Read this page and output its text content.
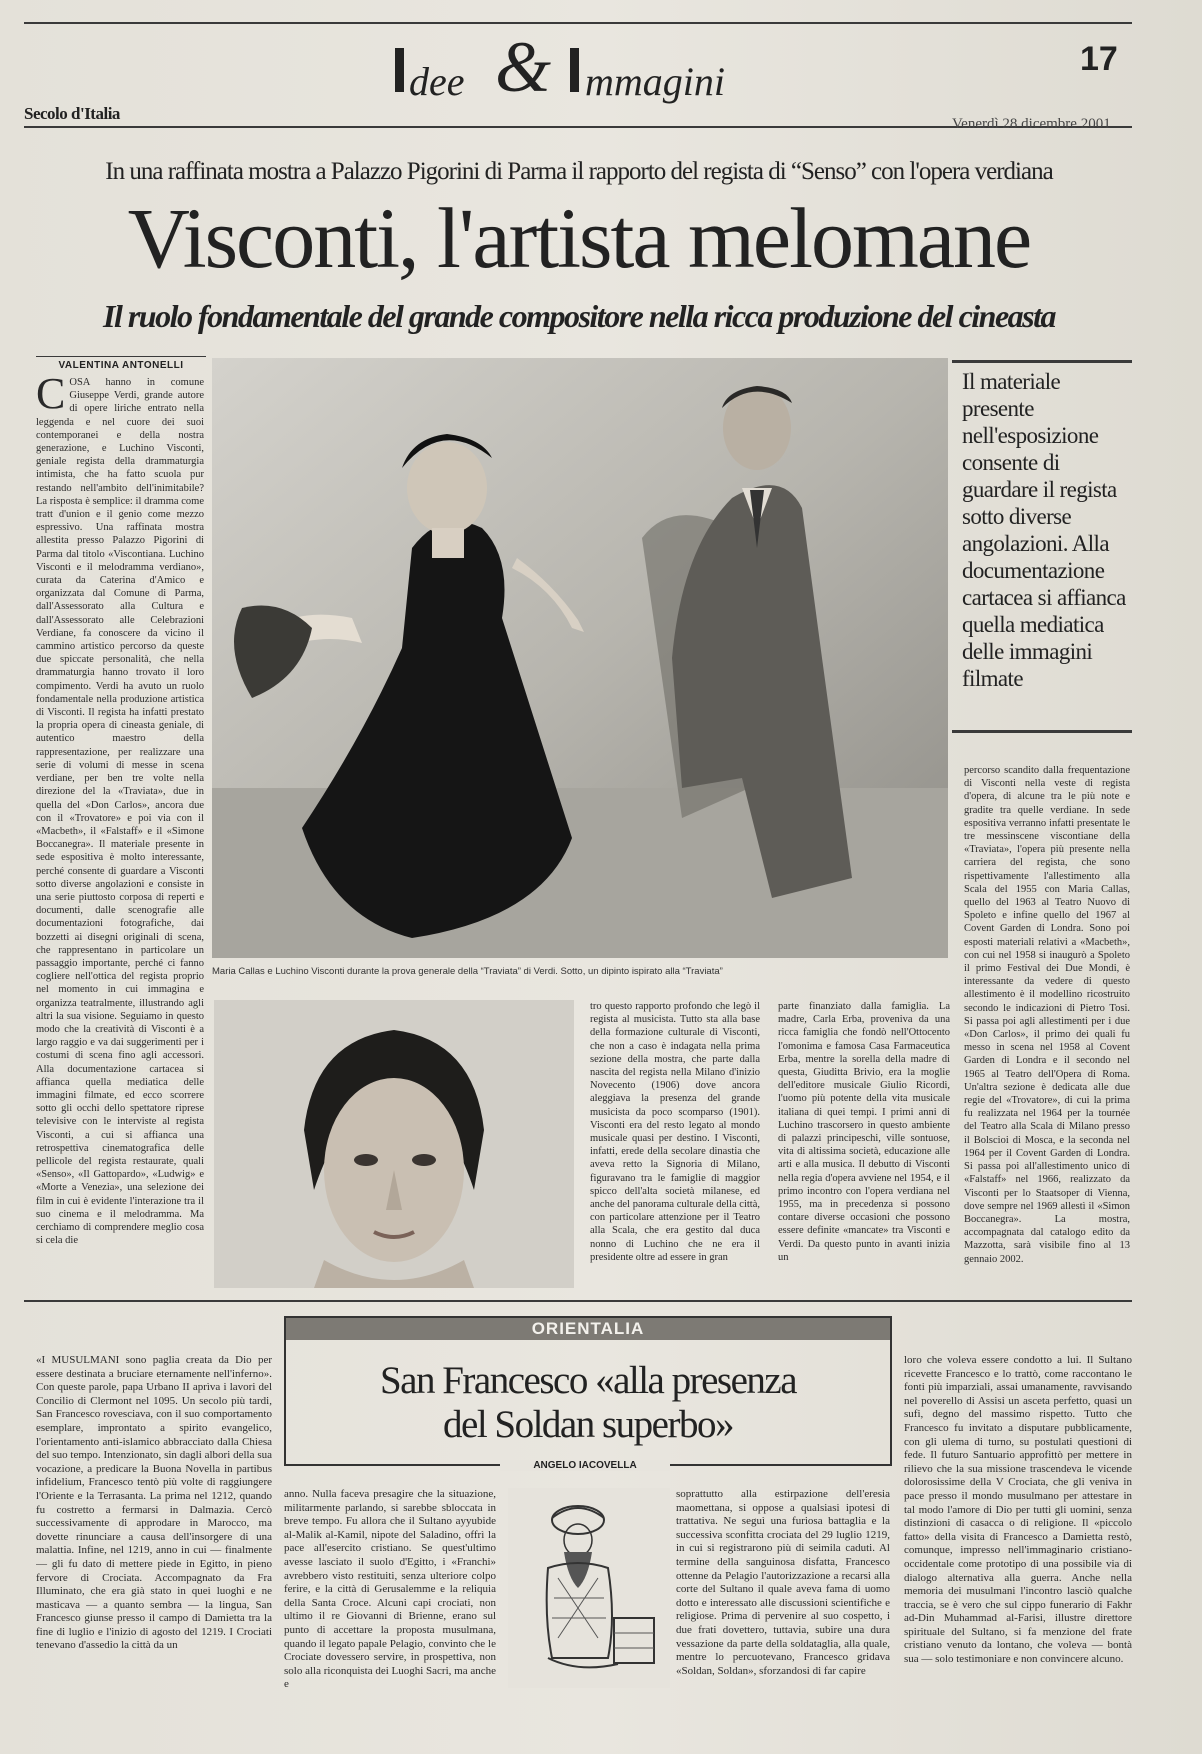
dee & mmagini	17
Secolo d'Italia
Venerdì 28 dicembre 2001
In una raffinata mostra a Palazzo Pigorini di Parma il rapporto del regista di “Senso” con l'opera verdiana
Visconti, l'artista melomane
Il ruolo fondamentale del grande compositore nella ricca produzione del cineasta
VALENTINA ANTONELLI
C OSA hanno in comune Giuseppe Verdi, grande autore di opere liriche entrato nella leggenda e nel cuore dei suoi contemporanei e della nostra generazione, e Luchino Visconti, geniale regista della drammaturgia intimista, che ha fatto scuola pur restando nell'ambito dell'inimitabile? La risposta è semplice: il dramma come tratt d'union e il genio come mezzo espressivo. Una raffinata mostra allestita presso Palazzo Pigorini di Parma dal titolo «Viscontiana. Luchino Visconti e il melodramma verdiano», curata da Caterina d'Amico e organizzata dal Comune di Parma, dall'Assessorato alla Cultura e dall'Assessorato alle Celebrazioni Verdiane, fa conoscere da vicino il cammino artistico percorso da queste due spiccate personalità, che nella drammaturgia hanno trovato il loro compimento. Verdi ha avuto un ruolo fondamentale nella produzione artistica di Visconti. Il regista ha infatti prestato la propria opera di cineasta geniale, di autentico maestro della rappresentazione, per realizzare una serie di volumi di messe in scena verdiane, per ben tre volte nella direzione del la «Traviata», due in quella del «Don Carlos», ancora due con il «Trovatore» e poi via con il «Macbeth», il «Falstaff» e il «Simone Boccanegra». Il materiale presente in sede espositiva è molto interessante, perché consente di guardare a Visconti sotto diverse angolazioni e consiste in una serie piuttosto corposa di reperti e documenti, dalle scenografie alle documentazioni fotografiche, dai bozzetti ai disegni originali di scena, che rappresentano in particolare un passaggio importante, perché ci fanno cogliere nell'ottica del regista proprio nel momento in cui immagina e organizza teatralmente, illustrando agli altri la sua visione. Seguiamo in questo modo che la creatività di Visconti è a largo raggio e va dai suggerimenti per i costumi di scena fino agli accessori. Alla documentazione cartacea si affianca quella mediatica delle immagini filmate, ed ecco scorrere sotto gli occhi dello spettatore riprese televisive con le interviste al regista Visconti, a cui si affianca una retrospettiva cinematografica delle pellicole del regista restaurate, quali «Senso», «Il Gattopardo», «Ludwig» e «Morte a Venezia», una selezione dei film in cui è evidente l'interazione tra il suo cinema e il melodramma. Ma cerchiamo di comprendere meglio cosa si cela die
Maria Callas e Luchino Visconti durante la prova generale della “Traviata” di Verdi. Sotto, un dipinto ispirato alla “Traviata”
Il materiale presente nell'esposizione consente di guardare il regista sotto diverse angolazioni. Alla documentazione cartacea si affianca quella mediatica delle immagini filmate
percorso scandito dalla frequentazione di Visconti nella veste di regista d'opera, di alcune tra le più note e gradite tra quelle verdiane. In sede espositiva verranno infatti presentate le tre messinscene viscontiane della «Traviata», l'opera più presente nella carriera del regista, che sono rispettivamente l'allestimento alla Scala del 1955 con Maria Callas, quello del 1963 al Teatro Nuovo di Spoleto e infine quello del 1967 al Covent Garden di Londra. Sono poi esposti materiali relativi a «Macbeth», con cui nel 1958 si inaugurò a Spoleto il primo Festival dei Due Mondi, è interessante da vedere di questo allestimento è il modellino ricostruito secondo le indicazioni di Pietro Tosi. Si passa poi agli allestimenti per i due «Don Carlos», il primo dei quali fu messo in scena nel 1958 al Covent Garden di Londra e il secondo nel 1965 al Teatro dell'Opera di Roma. Un'altra sezione è dedicata alle due regie del «Trovatore», di cui la prima fu realizzata nel 1964 per la tournée del Teatro alla Scala di Milano presso il Bolscioi di Mosca, e la seconda nel 1964 per il Covent Garden di Londra. Si passa poi all'allestimento unico di «Falstaff» nel 1966, realizzato da Visconti per lo Staatsoper di Vienna, dove sempre nel 1969 allestì il «Simon Boccanegra». La mostra, accompagnata dal catalogo edito da Mazzotta, sarà visibile fino al 13 gennaio 2002.
tro questo rapporto profondo che legò il regista al musicista. Tutto sta alla base della formazione culturale di Visconti, che non a caso è indagata nella prima sezione della mostra, che parte dalla nascita del regista nella Milano d'inizio Novecento (1906) dove ancora aleggiava la presenza del grande musicista da poco scomparso (1901). Visconti era del resto legato al mondo musicale quasi per destino. I Visconti, infatti, erede della secolare dinastia che aveva retto la Signoria di Milano, figuravano tra le famiglie di maggior spicco dell'alta società milanese, ed anche del panorama culturale della città, con particolare attenzione per il Teatro alla Scala, che era gestito dal duca nonno di Luchino che ne era il presidente oltre ad essere in gran
parte finanziato dalla famiglia. La madre, Carla Erba, proveniva da una ricca famiglia che fondò nell'Ottocento l'omonima e famosa Casa Farmaceutica Erba, mentre la sorella della madre di questa, Giuditta Brivio, era la moglie dell'editore musicale Giulio Ricordi, l'uomo più potente della vita musicale italiana di quei tempi. I primi anni di Luchino trascorsero in questo ambiente di palazzi principeschi, ville sontuose, vita di altissima società, educazione alle arti e alla musica. Il debutto di Visconti nella regia d'opera avviene nel 1954, e il primo incontro con l'opera verdiana nel 1955, ma in precedenza si possono contare diverse occasioni che possono essere definite «mancate» tra Visconti e Verdi. Da questo punto in avanti inizia un
ORIENTALIA
San Francesco «alla presenza
del Soldan superbo»
ANGELO IACOVELLA
«I MUSULMANI sono paglia creata da Dio per essere destinata a bruciare eternamente nell'inferno». Con queste parole, papa Urbano II aprìva i lavori del Concilio di Clermont nel 1095. Un secolo più tardi, San Francesco rovesciava, con il suo comportamento esemplare, improntato a spirito evangelico, l'orientamento anti-islamico abbracciato dalla Chiesa del suo tempo. Intenzionato, sin dagli albori della sua vocazione, a predicare la Buona Novella in partibus infidelium, Francesco tentò più volte di raggiungere l'Oriente e la Terrasanta. La prima nel 1212, quando fu costretto a fermarsi in Dalmazia. Cercò successivamente di approdare in Marocco, ma dovette rinunciare a causa dell'insorgere di una malattia. Infine, nel 1219, anno in cui — finalmente — gli fu dato di mettere piede in Egitto, in pieno fervore di Crociata. Accompagnato da Fra Illuminato, che era già stato in quei luoghi e ne masticava — a quanto sembra — la lingua, San Francesco giunse presso il campo di Damietta tra la fine di luglio e l'inizio di agosto del 1219. I Crociati tenevano d'assedio la città da un
anno. Nulla faceva presagire che la situazione, militarmente parlando, si sarebbe sbloccata in breve tempo. Fu allora che il Sultano ayyubide al-Malik al-Kamil, nipote del Saladino, offrì la pace all'esercito cristiano. Se quest'ultimo avesse lasciato il suolo d'Egitto, i «Franchi» avrebbero visto restituiti, senza ulteriore colpo ferire, e la città di Gerusalemme e la reliquia della Santa Croce. Alcuni capi crociati, non ultimo il re Giovanni di Brienne, erano sul punto di accettare la proposta musulmana, quando il legato papale Pelagio, convinto che le Crociate dovessero servire, in prospettiva, non solo alla riconquista dei Luoghi Sacri, ma anche e
soprattutto alla estirpazione dell'eresia maomettana, si oppose a qualsiasi ipotesi di trattativa. Ne seguì una furiosa battaglia e la successiva sconfitta crociata del 29 luglio 1219, in cui si registrarono più di seimila caduti. Al termine della sanguinosa disfatta, Francesco ottenne da Pelagio l'autorizzazione a recarsi alla corte del Sultano il quale aveva fama di uomo dotto e interessato alle discussioni scientifiche e religiose. Prima di pervenire al suo cospetto, i due frati dovettero, tuttavia, subire una dura vessazione da parte della soldataglia, alla quale, mentre lo percuotevano, Francesco gridava «Soldan, Soldan», sforzandosi di far capire
loro che voleva essere condotto a lui. Il Sultano ricevette Francesco e lo trattò, come raccontano le fonti più imparziali, assai umanamente, ravvisando nel poverello di Assisi un asceta perfetto, quasi un sufi, degno del massimo rispetto. Tutto che Francesco fu invitato a disputare pubblicamente, con gli ulema di turno, su postulati questioni di fede. Il futuro Santuario approfittò per mettere in rilievo che la sua missione trascendeva le vicende dolorosissime della V Crociata, che gli veniva in pace presso il mondo musulmano per attestare in tal modo l'amore di Dio per tutti gli uomini, senza distinzioni di casacca o di religione. Il «piccolo fatto» della visita di Francesco a Damietta restò, comunque, impresso nell'immaginario cristiano-occidentale come prototipo di una possibile via di dialogo alternativa alla guerra. Anche nella memoria dei musulmani l'incontro lasciò qualche traccia, se è vero che sul cippo funerario di Fakhr ad-Din Muhammad al-Farisi, illustre direttore spirituale del Sultano, si fa menzione del frate cristiano venuto da lontano, che voleva — bontà sua — solo testimoniare e non convincere alcuno.
